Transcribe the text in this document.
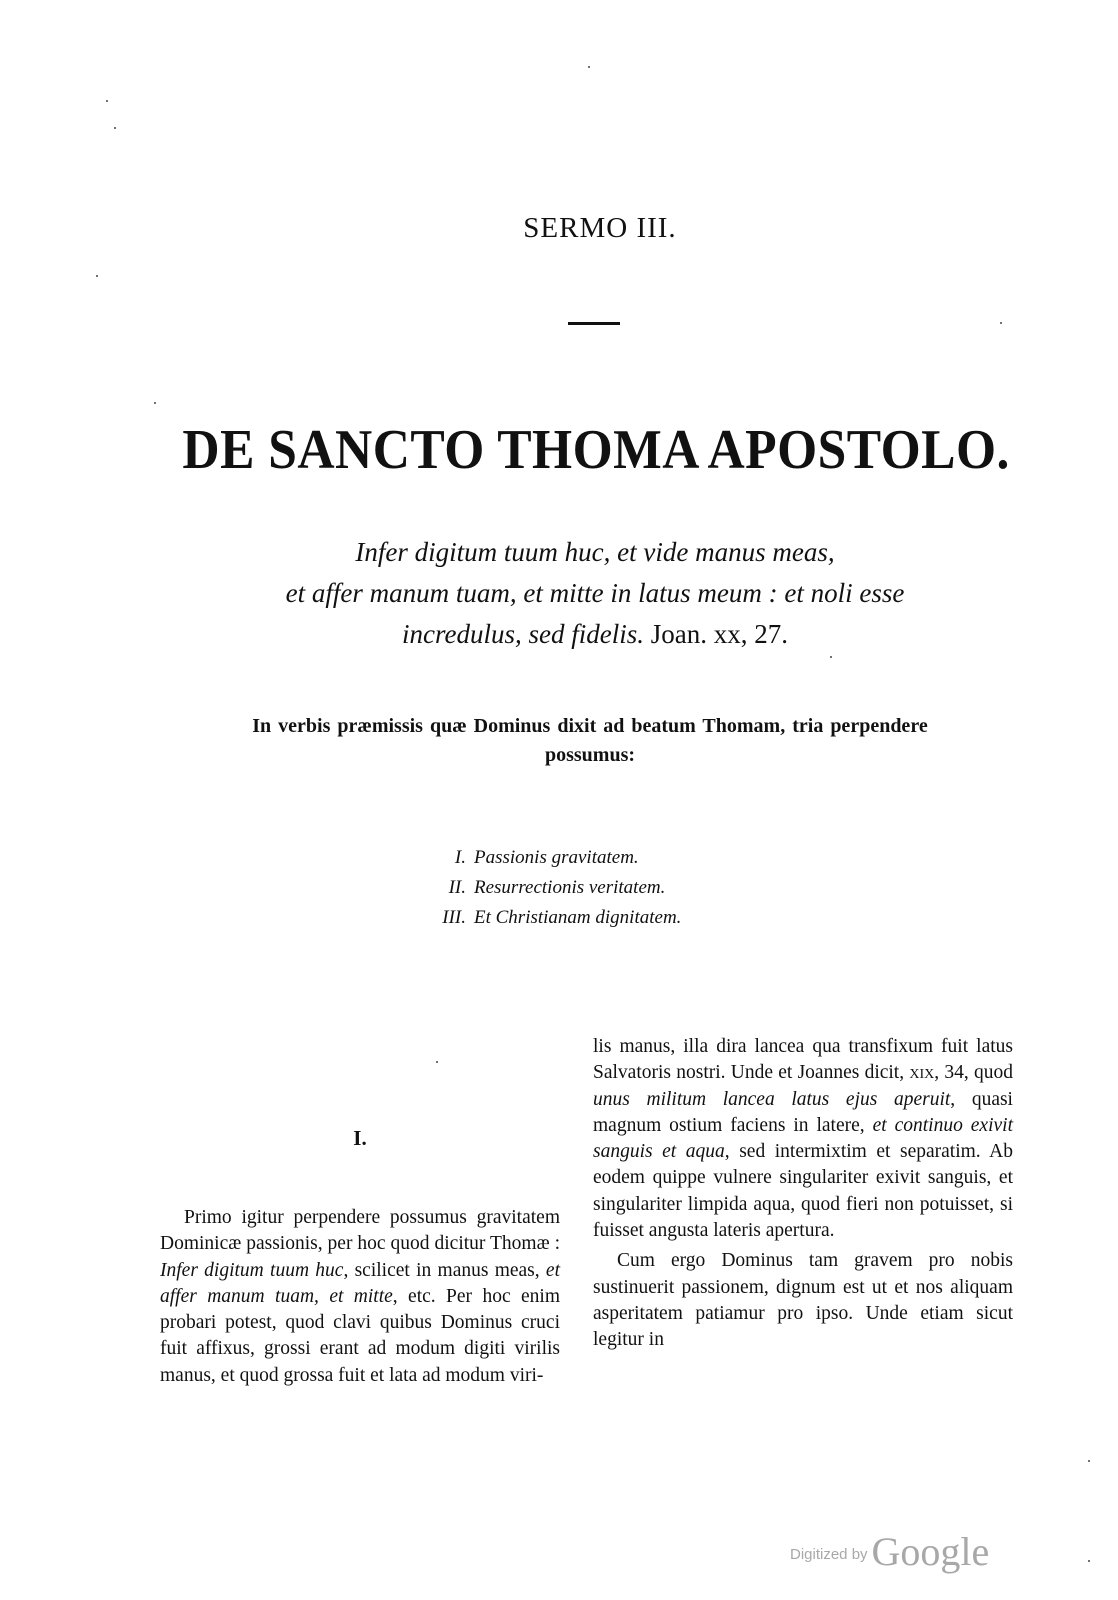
SERMO III.
DE SANCTO THOMA APOSTOLO.
Infer digitum tuum huc, et vide manus meas,
et affer manum tuam, et mitte in latus meum : et noli esse
incredulus, sed fidelis. Joan. xx, 27.
In verbis præmissis quæ Dominus dixit ad beatum Thomam, tria perpendere
possumus:
I. Passionis gravitatem.
II. Resurrectionis veritatem.
III. Et Christianam dignitatem.
I.

Primo igitur perpendere possumus gravitatem Dominicæ passionis, per hoc quod dicitur Thomæ : Infer digitum tuum huc, scilicet in manus meas, et affer manum tuam, et mitte, etc. Per hoc enim probari potest, quod clavi quibus Dominus cruci fuit affixus, grossi erant ad modum digiti virilis manus, et quod grossa fuit et lata ad modum viri-

lis manus, illa dira lancea qua transfixum fuit latus Salvatoris nostri. Unde et Joannes dicit, xix, 34, quod unus militum lancea latus ejus aperuit, quasi magnum ostium faciens in latere, et continuo exivit sanguis et aqua, sed intermixtim et separatim. Ab eodem quippe vulnere singulariter exivit sanguis, et singulariter limpida aqua, quod fieri non potuisset, si fuisset angusta lateris apertura.

Cum ergo Dominus tam gravem pro nobis sustinuerit passionem, dignum est ut et nos aliquam asperitatem patiamur pro ipso. Unde etiam sicut legitur in

Digitized by Google
